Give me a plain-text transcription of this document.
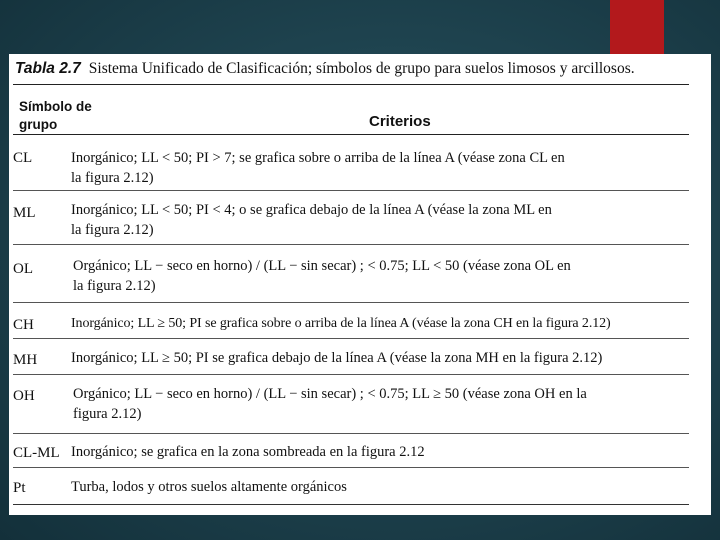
Tabla 2.7 Sistema Unificado de Clasificación; símbolos de grupo para suelos limosos y arcillosos.
Símbolo de
grupo	Criterios
CL	Inorgánico; LL < 50; PI > 7; se grafica sobre o arriba de la línea A (véase zona CL en
la figura 2.12)
ML Inorgánico; LL < 50; PI < 4; o se grafica debajo de la línea A (véase la zona ML en
la figura 2.12)
OL	Orgánico; LL − seco en horno) / (LL − sin secar) ; < 0.75; LL < 50 (véase zona OL en
la figura 2.12)
CH	Inorgánico; LL ≥ 50; PI se grafica sobre o arriba de la línea A (véase la zona CH en la figura 2.12)
MH Inorgánico; LL ≥ 50; PI se grafica debajo de la línea A (véase la zona MH en la figura 2.12)
OH	Orgánico; LL − seco en horno) / (LL − sin secar) ; < 0.75; LL ≥ 50 (véase zona OH en la
figura 2.12)
CL-ML Inorgánico; se grafica en la zona sombreada en la figura 2.12
Pt	Turba, lodos y otros suelos altamente orgánicos
